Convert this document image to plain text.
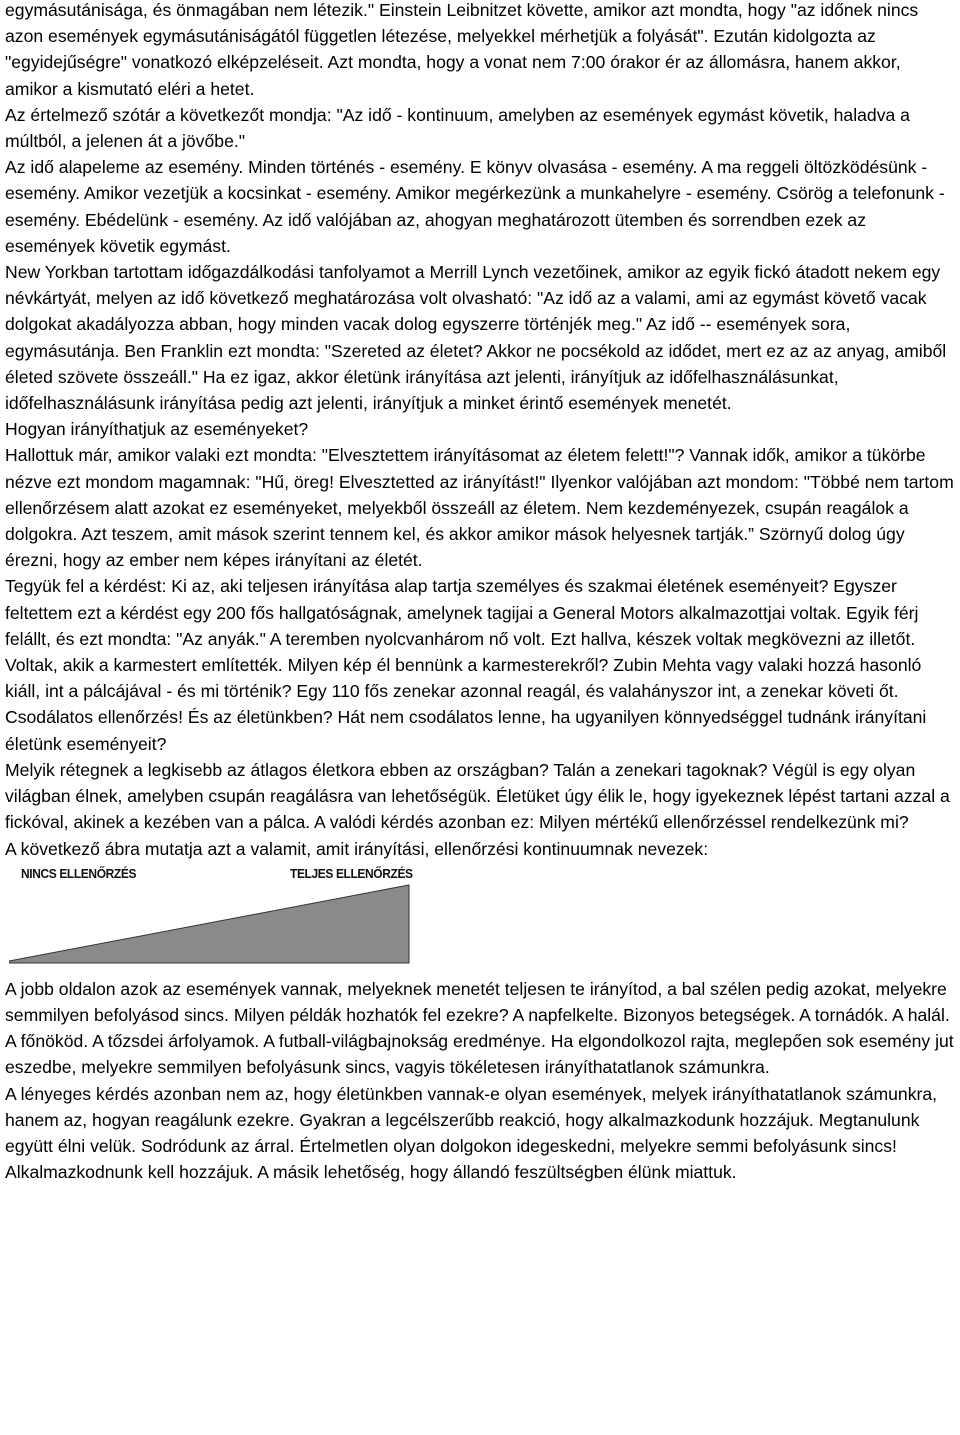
egymásutánisága, és önmagában nem létezik." Einstein Leibnitzet követte, amikor azt mondta, hogy "az időnek nincs azon események egymásutániságától független létezése, melyekkel mérhetjük a folyását". Ezután kidolgozta az "egyidejűségre" vonatkozó elképzeléseit. Azt mondta, hogy a vonat nem 7:00 órakor ér az állomásra, hanem akkor, amikor a kismutató eléri a hetet.

Az értelmező szótár a következőt mondja: "Az idő - kontinuum, amelyben az események egymást követik, haladva a múltból, a jelenen át a jövőbe."

Az idő alapeleme az esemény. Minden történés - esemény. E könyv olvasása - esemény. A ma reggeli öltözködésünk - esemény. Amikor vezetjük a kocsinkat - esemény. Amikor megérkezünk a munkahelyre - esemény. Csörög a telefonunk - esemény. Ebédelünk - esemény. Az idő valójában az, ahogyan meghatározott ütemben és sorrendben ezek az események követik egymást.

New Yorkban tartottam időgazdálkodási tanfolyamot a Merrill Lynch vezetőinek, amikor az egyik fickó átadott nekem egy névkártyát, melyen az idő következő meghatározása volt olvasható: "Az idő az a valami, ami az egymást követő vacak dolgokat akadályozza abban, hogy minden vacak dolog egyszerre történjék meg." Az idő -- események sora, egymásutánja. Ben Franklin ezt mondta: "Szereted az életet? Akkor ne pocsékold az idődet, mert ez az az anyag, amiből életed szövete összeáll." Ha ez igaz, akkor életünk irányítása azt jelenti, irányítjuk az időfelhasználásunkat, időfelhasználásunk irányítása pedig azt jelenti, irányítjuk a minket érintő események menetét.

Hogyan irányíthatjuk az eseményeket?

Hallottuk már, amikor valaki ezt mondta: "Elvesztettem irányításomat az életem felett!"? Vannak idők, amikor a tükörbe nézve ezt mondom magamnak: "Hű, öreg! Elvesztetted az irányítást!" Ilyenkor valójában azt mondom: "Többé nem tartom ellenőrzésem alatt azokat ez eseményeket, melyekből összeáll az életem. Nem kezdeményezek, csupán reagálok a dolgokra. Azt teszem, amit mások szerint tennem kel, és akkor amikor mások helyesnek tartják.” Szörnyű dolog úgy érezni, hogy az ember nem képes irányítani az életét.

Tegyük fel a kérdést: Ki az, aki teljesen irányítása alap tartja személyes és szakmai életének eseményeit? Egyszer feltettem ezt a kérdést egy 200 fős hallgatóságnak, amelynek tagijai a General Motors alkalmazottjai voltak. Egyik férj felállt, és ezt mondta: "Az anyák." A teremben nyolcvanhárom nő volt. Ezt hallva, készek voltak megkövezni az illetőt.

Voltak, akik a karmestert említették. Milyen kép él bennünk a karmesterekről? Zubin Mehta vagy valaki hozzá hasonló kiáll, int a pálcájával - és mi történik? Egy 110 fős zenekar azonnal reagál, és valahányszor int, a zenekar követi őt. Csodálatos ellenőrzés! És az életünkben? Hát nem csodálatos lenne, ha ugyanilyen könnyedséggel tudnánk irányítani életünk eseményeit?

Melyik rétegnek a legkisebb az átlagos életkora ebben az országban? Talán a zenekari tagoknak? Végül is egy olyan világban élnek, amelyben csupán reagálásra van lehetőségük. Életüket úgy élik le, hogy igyekeznek lépést tartani azzal a fickóval, akinek a kezében van a pálca. A valódi kérdés azonban ez: Milyen mértékű ellenőrzéssel rendelkezünk mi?

A következő ábra mutatja azt a valamit, amit irányítási, ellenőrzési kontinuumnak nevezek:

NINCS ELLENŐRZÉS	TELJES ELLENŐRZÉS

A jobb oldalon azok az események vannak, melyeknek menetét teljesen te irányítod, a bal szélen pedig azokat, melyekre semmilyen befolyásod sincs. Milyen példák hozhatók fel ezekre? A napfelkelte. Bizonyos betegségek. A tornádók. A halál. A főnököd. A tőzsdei árfolyamok. A futball-világbajnokság eredménye. Ha elgondolkozol rajta, meglepően sok esemény jut eszedbe, melyekre semmilyen befolyásunk sincs, vagyis tökéletesen irányíthatatlanok számunkra.

A lényeges kérdés azonban nem az, hogy életünkben vannak-e olyan események, melyek irányíthatatlanok számunkra, hanem az, hogyan reagálunk ezekre. Gyakran a legcélszerűbb reakció, hogy alkalmazkodunk hozzájuk. Megtanulunk együtt élni velük. Sodródunk az árral. Értelmetlen olyan dolgokon idegeskedni, melyekre semmi befolyásunk sincs! Alkalmazkodnunk kell hozzájuk. A másik lehetőség, hogy állandó feszültségben élünk miattuk.
